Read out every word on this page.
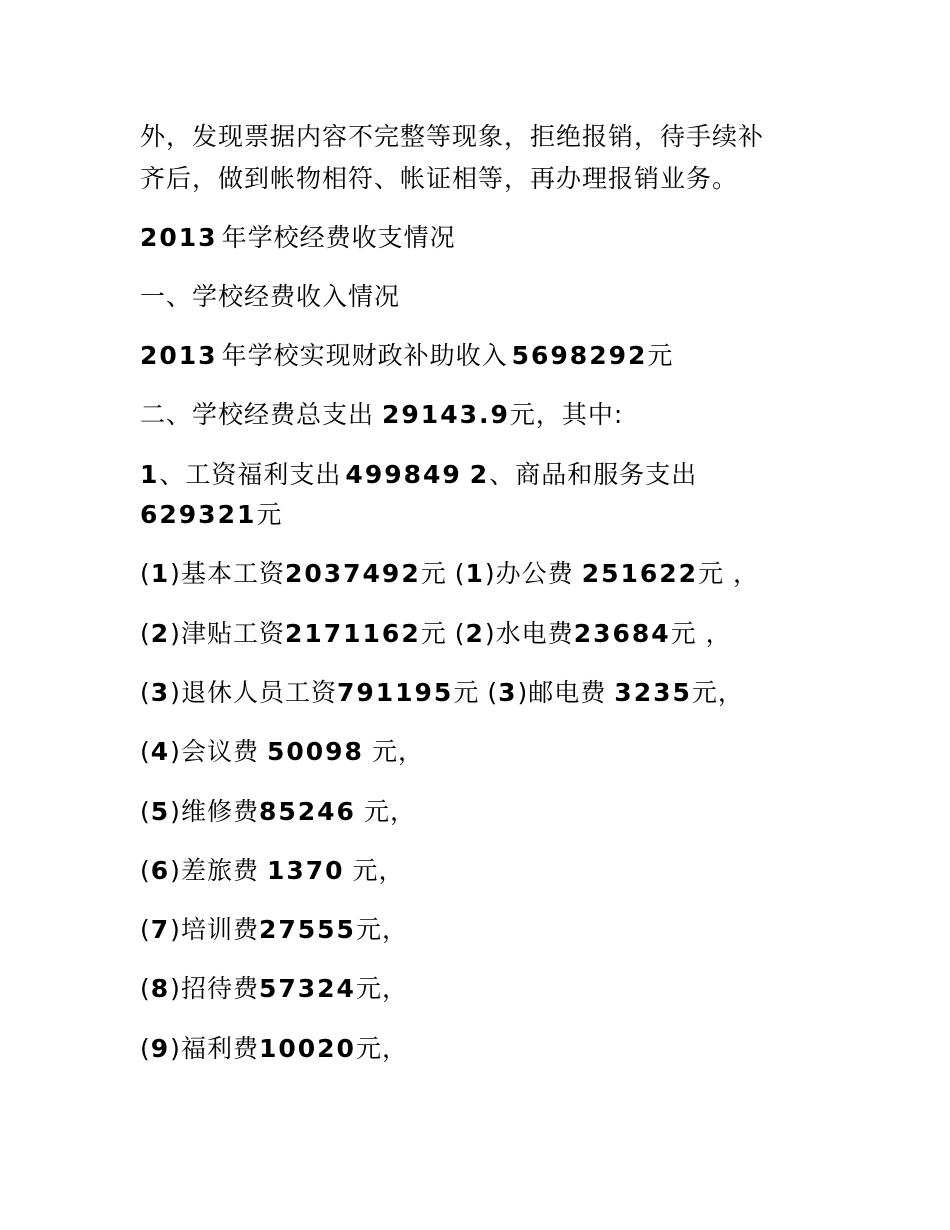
外，发现票据内容不完整等现象，拒绝报销，待手续补
齐后，做到帐物相符、帐证相等，再办理报销业务。
2013 年学校经费收支情况
一、学校经费收入情况
2013 年学校实现财政补助收入 5698292元
二、学校经费总支出 29143.9元，其中:
1、工资福利支出 499849 2、商品和服务支出
629321元
(1)基本工资2037492元 (1)办公费 251622元 ，
(2)津贴工资2171162元 (2)水电费23684元 ，
(3)退休人员工资791195元 (3)邮电费 3235元，
(4)会议费 50098 元，
(5)维修费85246 元，
(6)差旅费 1370 元，
(7)培训费27555元，
(8)招待费57324元，
(9)福利费10020元，
